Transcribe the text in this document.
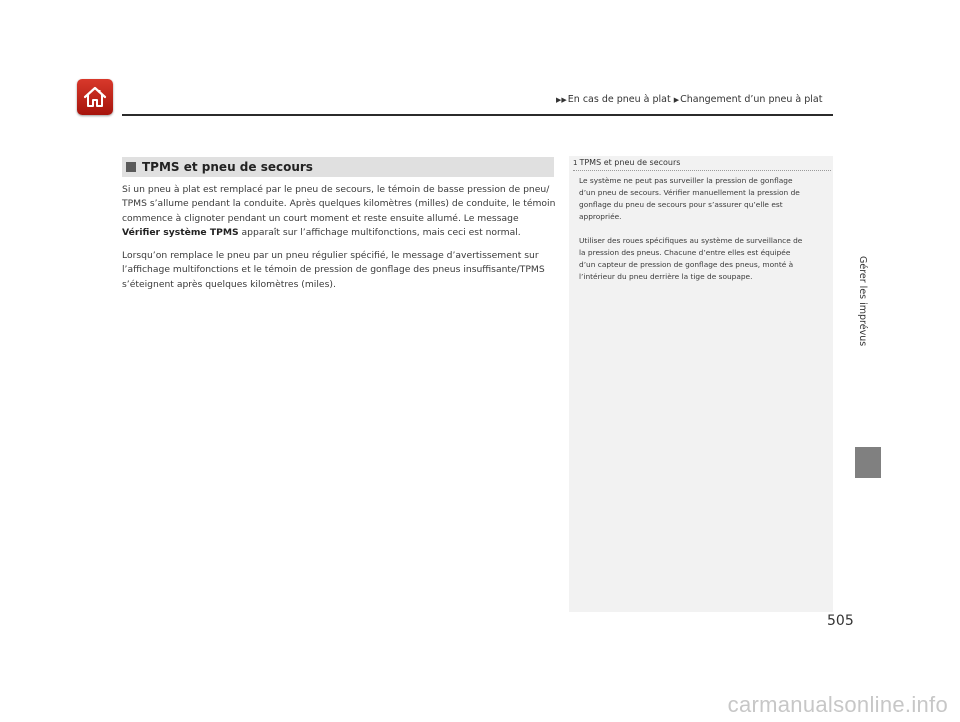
▶▶ En cas de pneu à plat ▶ Changement d’un pneu à plat
Gérer les imprévus
TPMS et pneu de secours
Si un pneu à plat est remplacé par le pneu de secours, le témoin de basse pression de pneu/ TPMS s’allume pendant la conduite. Après quelques kilomètres (milles) de conduite, le témoin commence à clignoter pendant un court moment et reste ensuite allumé. Le message Vérifier système TPMS apparaît sur l’affichage multifonctions, mais ceci est normal.
Lorsqu’on remplace le pneu par un pneu régulier spécifié, le message d’avertissement sur l’affichage multifonctions et le témoin de pression de gonflage des pneus insuffisante/TPMS s’éteignent après quelques kilomètres (miles).
1 TPMS et pneu de secours
Le système ne peut pas surveiller la pression de gonflage d’un pneu de secours. Vérifier manuellement la pression de gonflage du pneu de secours pour s’assurer qu’elle est appropriée.
Utiliser des roues spécifiques au système de surveillance de la pression des pneus. Chacune d’entre elles est équipée d’un capteur de pression de gonflage des pneus, monté à l’intérieur du pneu derrière la tige de soupape.
505
carmanualsonline.info
